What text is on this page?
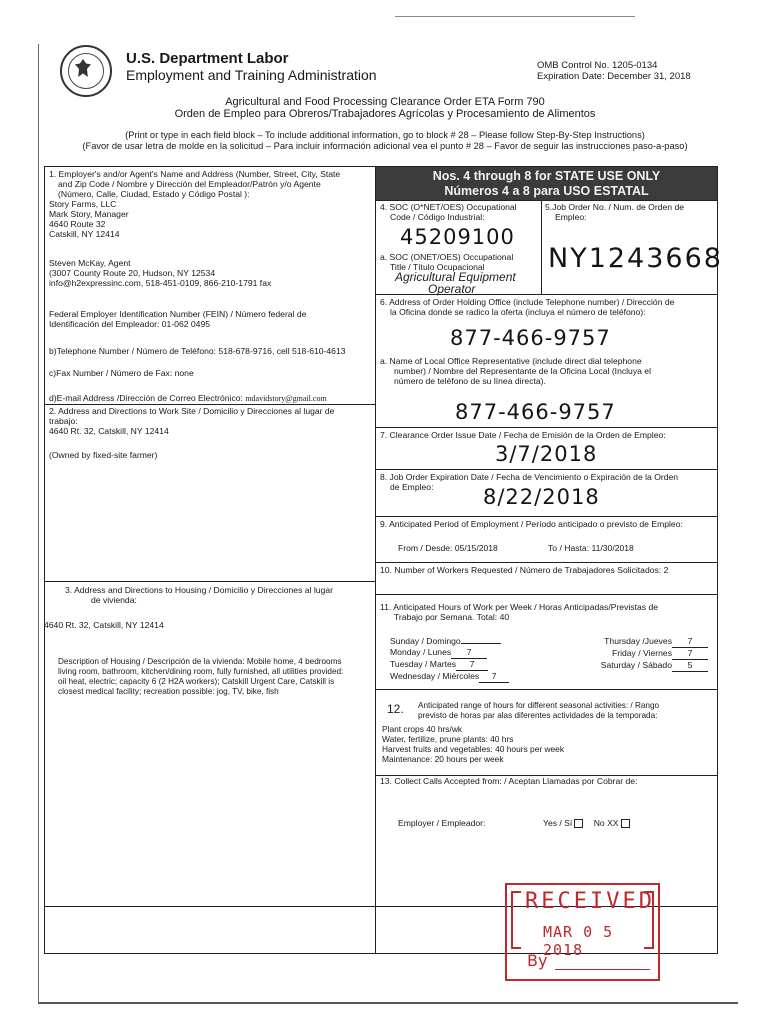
U.S. Department Labor
Employment and Training Administration
OMB Control No. 1205-0134
Expiration Date: December 31, 2018
Agricultural and Food Processing Clearance Order ETA Form 790
Orden de Empleo para Obreros/Trabajadores Agrícolas y Procesamiento de Alimentos
(Print or type in each field block – To include additional information, go to block # 28 – Please follow Step-By-Step Instructions)
(Favor de usar letra de molde en la solicitud – Para incluir información adicional vea el punto # 28 – Favor de seguir las instrucciones paso-a-paso)
1. Employer's and/or Agent's Name and Address (Number, Street, City, State
and Zip Code / Nombre y Dirección del Empleador/Patrón y/o Agente
(Número, Calle, Ciudad, Estado y Código Postal ):
Story Farms, LLC
Mark Story, Manager
4640 Route 32
Catskill, NY 12414
Steven McKay, Agent
(3007 County Route 20, Hudson, NY 12534
info@h2expressinc.com, 518-451-0109, 866-210-1791 fax
Federal Employer Identification Number (FEIN) / Número federal de
Identificación del Empleador: 01-062 0495
b)Telephone Number / Número de Teléfono: 518-678-9716, cell 518-610-4613
c)Fax Number / Número de Fax: none
d)E-mail Address /Dirección de Correo Electrónico: mdavidstory@gmail.com
2. Address and Directions to Work Site / Domicilio y Direcciones al lugar de
trabajo:
4640 Rt. 32, Catskill, NY 12414
(Owned by fixed-site farmer)
3. Address and Directions to Housing / Domicilio y Direcciones al lugar
de vivienda:
4640 Rt. 32, Catskill, NY 12414
Description of Housing / Descripción de la vivienda: Mobile home, 4 bedrooms
living room, bathroom, kitchen/dining room, fully furnished, all utilities provided:
oil heat, electric; capacity 6 (2 H2A workers); Catskill Urgent Care, Catskill is
closest medical facility; recreation possible: jog, TV, bike, fish
Nos. 4 through 8 for STATE USE ONLY
Números 4 a 8 para USO ESTATAL
4. SOC (O*NET/OES) Occupational
Code / Código Industrial:
45209100
a. SOC (ONET/OES) Occupational
Title / Título Ocupacional
Agricultural Equipment
Operator
5.Job Order No. / Num. de Orden de
Empleo:
NY1243668
6. Address of Order Holding Office (include Telephone number) / Dirección de
la Oficina donde se radico la oferta (incluya el número de teléfono):
877-466-9757
a. Name of Local Office Representative (include direct dial telephone
number) / Nombre del Representante de la Oficina Local (Incluya el
número de teléfono de su línea directa).
877-466-9757
7. Clearance Order Issue Date / Fecha de Emisión de la Orden de Empleo:
3/7/2018
8. Job Order Expiration Date / Fecha de Vencimiento o Expiración de la Orden
de Empleo:	8/22/2018
9. Anticipated Period of Employment / Período anticipado o previsto de Empleo:
From / Desde: 05/15/2018	To / Hasta: 11/30/2018
10. Number of Workers Requested / Número de Trabajadores Solicitados: 2
11. Anticipated Hours of Work per Week / Horas Anticipadas/Previstas de
Trabajo por Semana. Total: 40
Sunday / Domingo
Monday / Lunes 7
Tuesday / Martes 7
Wednesday / Miércoles 7
Thursday /Jueves 7
Friday / Viernes 7
Saturday / Sábado 5
12. Anticipated range of hours for different seasonal activities: / Rango
previsto de horas par alas diferentes actividades de la temporada:
Plant crops 40 hrs/wk
Water, fertilize, prune plants: 40 hrs
Harvest fruits and vegetables: 40 hours per week
Maintenance: 20 hours per week
13. Collect Calls Accepted from: / Aceptan Llamadas por Cobrar de:
Employer / Empleador:	Yes / Sí No XX
RECEIVED
MAR 0 5 2018
By
